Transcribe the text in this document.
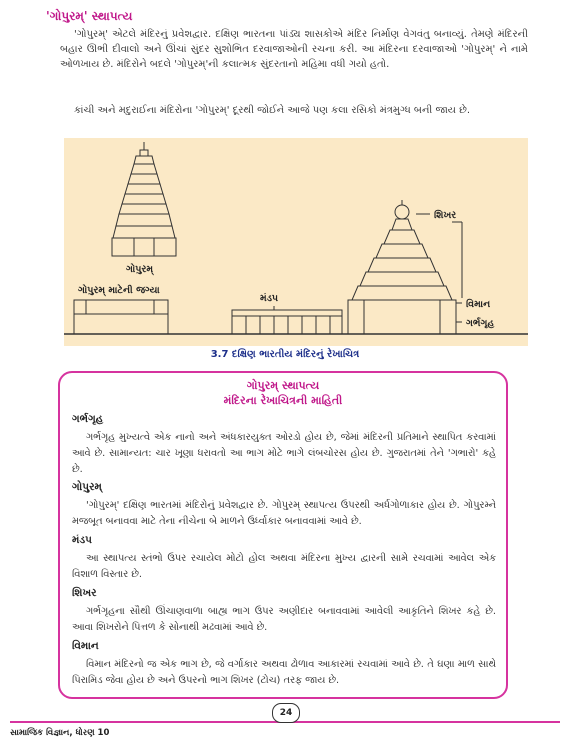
'ગોપુરમ્' સ્થાપત્ય

'ગોપુરમ્' એટલે મંદિરનું પ્રવેશદ્વાર. દક્ષિણ ભારતના પાંડ્ય શાસકોએ મંદિર નિર્માણ વેગવંતુ બનાવ્યું. તેમણે મંદિરની બહાર ઊભી દીવાલો અને ઊંચાં સુંદર સુશોભિત દરવાજાઓની રચના કરી. આ મંદિરના દરવાજાઓ 'ગોપુરમ્' ને નામે ઓળખાય છે. મંદિરોને બદલે 'ગોપુરમ્'ની કલાત્મક સુંદરતાનો મહિમા વધી ગયો હતો.

કાંચી અને મદુરાઈના મંદિરોના 'ગોપુરમ્' દૂરથી જોઈને આજે પણ કલા રસિકો મંત્રમુગ્ધ બની જાય છે.

ગોપુરમ્
ગોપુરમ્ માટેની જગ્યા
મંડપ
શિખર
વિમાન
ગર્ભગૃહ
3.7 દક્ષિણ ભારતીય મંદિરનું રેખાચિત્ર
ગોપુરમ્ સ્થાપત્ય
મંદિરના રેખાચિત્રની માહિતી
ગર્ભગૃહ

ગર્ભગૃહ મુખ્યત્વે એક નાનો અને અંધકારયુક્ત ઓરડો હોય છે, જેમાં મંદિરની પ્રતિમાને સ્થાપિત કરવામાં આવે છે. સામાન્યત: ચાર ખૂણા ધરાવતો આ ભાગ મોટે ભાગે લંબચોરસ હોય છે. ગુજરાતમાં તેને 'ગભારો' કહે છે.

ગોપુરમ્

'ગોપુરમ્' દક્ષિણ ભારતમાં મંદિરોનું પ્રવેશદ્વાર છે. ગોપુરમ્ સ્થાપત્ય ઉપરથી અર્ધગોળાકાર હોય છે. ગોપુરમ્ને મજબૂત બનાવવા માટે તેના નીચેના બે માળને ઉર્ધ્વાકાર બનાવવામાં આવે છે.

મંડપ

આ સ્થાપત્ય સ્તંભો ઉપર રચાયેલ મોટો હોલ અથવા મંદિરના મુખ્ય દ્વારની સામે રચવામાં આવેલ એક વિશાળ વિસ્તાર છે.

શિખર

ગર્ભગૃહના સૌથી ઊંચાણવાળા બાહ્ય ભાગ ઉપર અણીદાર બનાવવામાં આવેલી આકૃતિને શિખર કહે છે. આવા શિખરોને પિત્તળ કે સોનાથી મઢવામાં આવે છે.

વિમાન

વિમાન મંદિરનો જ એક ભાગ છે, જે વર્ગાકાર અથવા ઢોળાવ આકારમાં રચવામાં આવે છે. તે ઘણા માળ સાથે પિરામિડ જેવા હોય છે અને ઉપરનો ભાગ શિખર (ટોચ) તરફ જાય છે.

24
સામાજિક વિજ્ઞાન, ધોરણ 10
